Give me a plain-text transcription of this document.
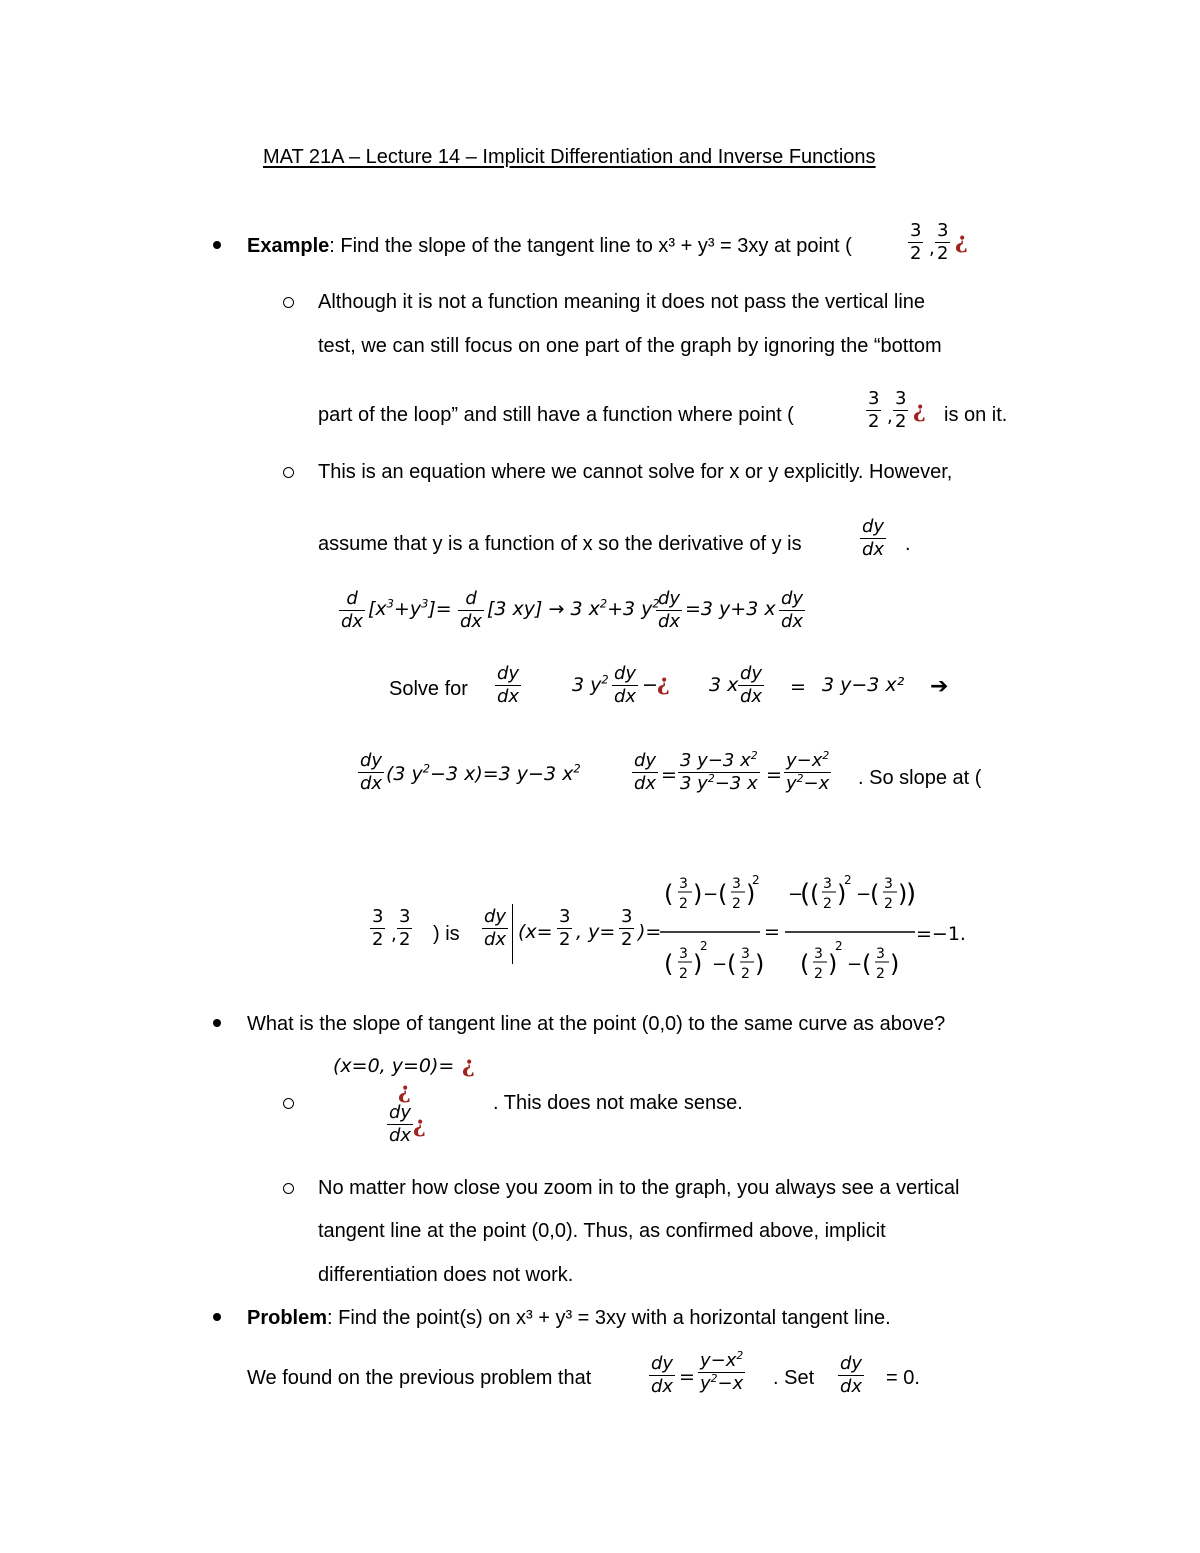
MAT 21A – Lecture 14 – Implicit Differentiation and Inverse Functions
Example: Find the slope of the tangent line to x³ + y³ = 3xy at point (	$\frac{3}{2}$ , $\frac{3}{2}$ ¿
Although it is not a function meaning it does not pass the vertical line
test, we can still focus on one part of the graph by ignoring the “bottom
part of the loop” and still have a function where point (	$\frac{3}{2}$ , $\frac{3}{2}$ ¿ is on it.
This is an equation where we cannot solve for x or y explicitly. However,
assume that y is a function of x so the derivative of y is	$\frac{dy}{dx}$ .
$\frac{d}{dx} [x^3+y^3]= \frac{d}{dx} [3$ xy] → 3 $x^2+3$ $y^2$
$\frac{dy}{dx} =3$ y+3 x $\frac{dy}{dx}$
Solve for $\frac{dy}{dx}$	3 $y^2 \frac{dy}{dx}$ − ¿ 3 x $\frac{dy}{dx} = 3$ y−3 x² ➔
$\frac{dy}{dx} (3$ $y^2-3$ x)=3 y−3 $x^2$	$\frac{dy}{dx} = \frac{3 y-3 x^2}{3 y^2-3 x} = \frac{y-x^2}{y^2-x}$ . So slope at (
$\frac{3}{2}$ , $\frac{3}{2}$ ) is $\frac{dy}{dx} (x= \frac{3}{2}$ , $y= \frac{3}{2}$ )=
( 3
2 ) − ( 3
2 )
2
( 3
2 )
2
− ( 3
2 )
=
−
( ( 3
2 )
2
−
( 3
2 )
)
( 3
2 )
2
− ( 3
2 )
=−1.
What is the slope of tangent line at the point (0,0) to the same curve as above?
(x=0, y=0)= ¿
¿
$\frac{dy}{dx}$ ¿
. This does not make sense.
No matter how close you zoom in to the graph, you always see a vertical
tangent line at the point (0,0). Thus, as confirmed above, implicit
differentiation does not work.
Problem: Find the point(s) on x³ + y³ = 3xy with a horizontal tangent line.
We found on the previous problem that	$\frac{dy}{dx} = \frac{y-x^2}{y^2-x}$ . Set $\frac{dy}{dx} = 0$.
